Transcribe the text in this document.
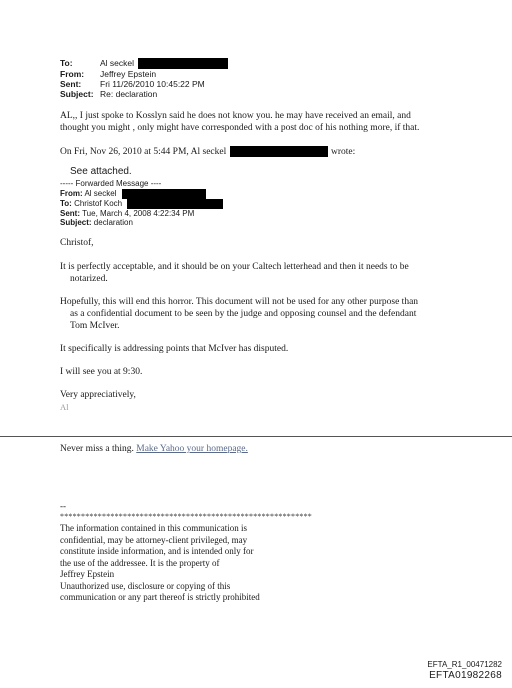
To:	Al seckel
From:	Jeffrey Epstein
Sent:	Fri 11/26/2010 10:45:22 PM
Subject: Re: declaration
AL,, I just spoke to Kosslyn said he does not know you. he may have received an email, and
thought you might , only might have corresponded with a post doc of his nothing more, if that.
On Fri, Nov 26, 2010 at 5:44 PM, Al seckel	wrote:
See attached.
----- Forwarded Message ----
From: Al seckel
To: Christof Koch
Sent: Tue, March 4, 2008 4:22:34 PM
Subject: declaration
Christof,
It is perfectly acceptable, and it should be on your Caltech letterhead and then it needs to be
notarized.
Hopefully, this will end this horror. This document will not be used for any other purpose than
as a confidential document to be seen by the judge and opposing counsel and the defendant
Tom McIver.
It specifically is addressing points that McIver has disputed.
I will see you at 9:30.
Very appreciatively,
Al
Never miss a thing. Make Yahoo your homepage.
--
************************************************************
The information contained in this communication is
confidential, may be attorney-client privileged, may
constitute inside information, and is intended only for
the use of the addressee. It is the property of
Jeffrey Epstein
Unauthorized use, disclosure or copying of this
communication or any part thereof is strictly prohibited
EFTA_R1_00471282
EFTA01982268
